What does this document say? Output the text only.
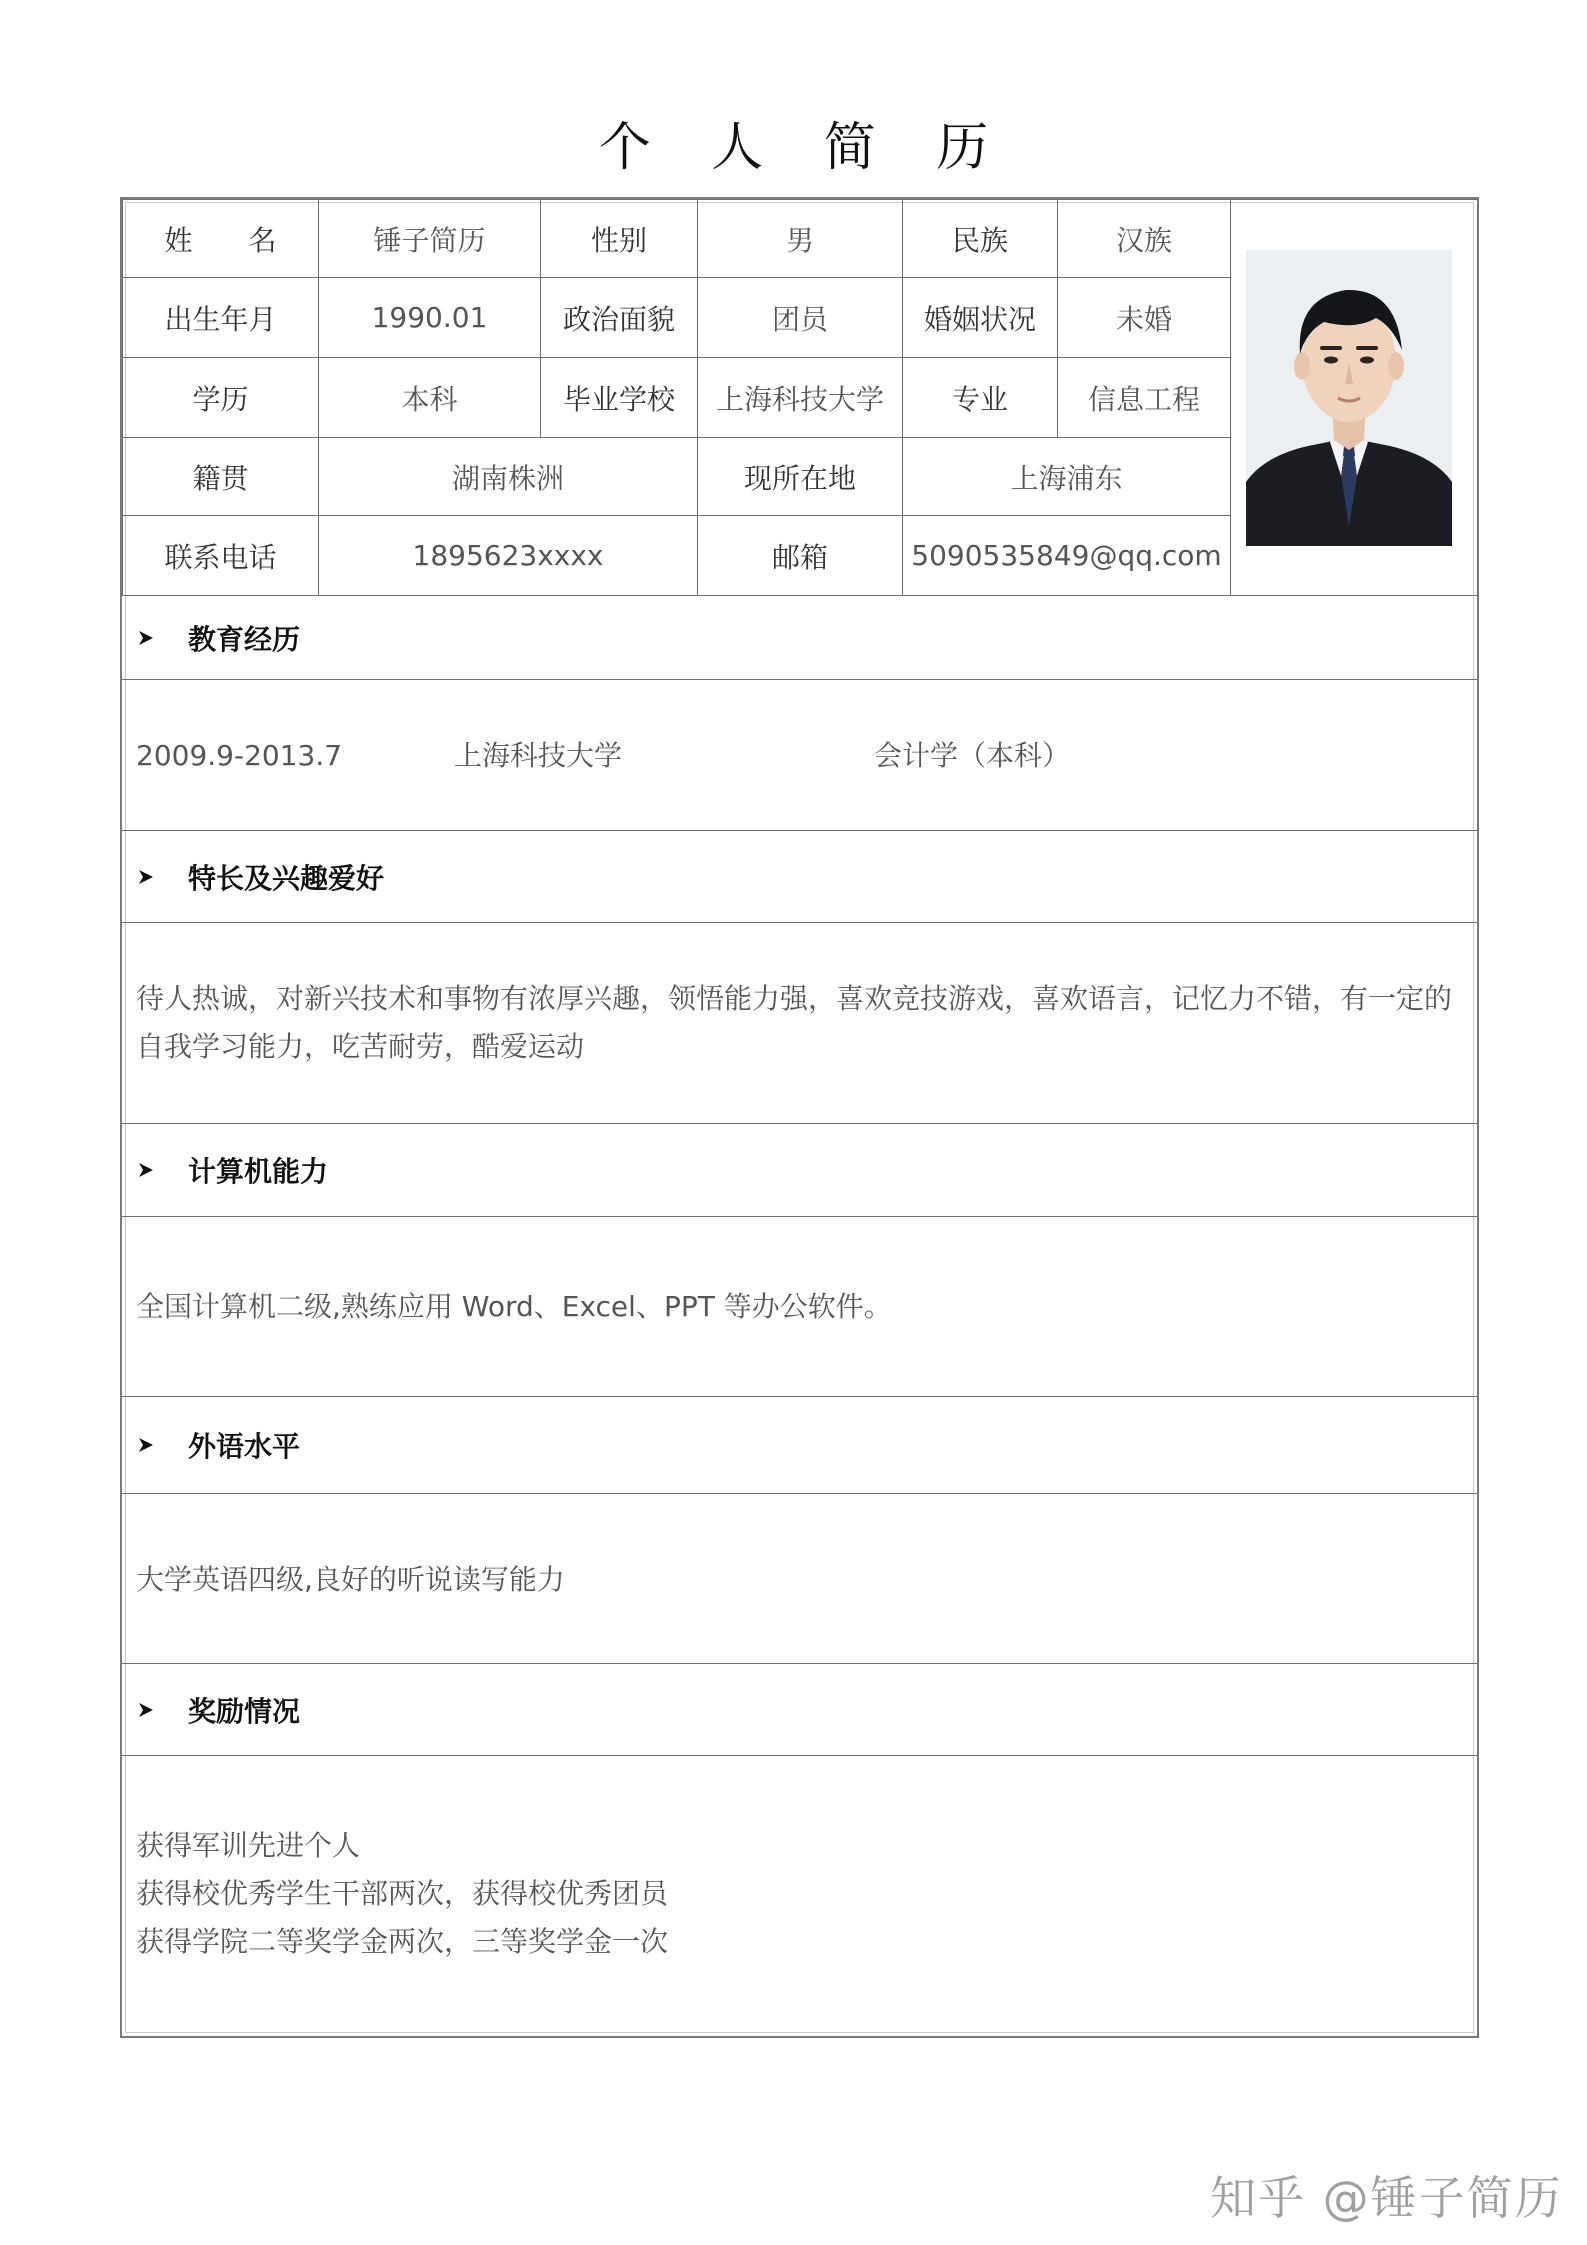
个 人 简 历
姓　　名	锤子简历	性别	男	民族	汉族	

出生年月	1990.01	政治面貌	团员	婚姻状况	未婚	
学历	本科	毕业学校	上海科技大学	专业	信息工程	
籍贯	湖南株洲		现所在地	上海浦东		
联系电话	1895623xxxx		邮箱	5090535849@qq.com		
教育经历
2009.9-2013.7	上海科技大学	会计学（本科）
特长及兴趣爱好
待人热诚，对新兴技术和事物有浓厚兴趣，领悟能力强，喜欢竞技游戏，喜欢语言，记忆力不错，有一定的
自我学习能力，吃苦耐劳，酷爱运动
计算机能力
全国计算机二级,熟练应用 Word、Excel、PPT 等办公软件。
外语水平
大学英语四级,良好的听说读写能力
奖励情况
获得军训先进个人
获得校优秀学生干部两次，获得校优秀团员
获得学院二等奖学金两次，三等奖学金一次
知乎 @锤子简历
